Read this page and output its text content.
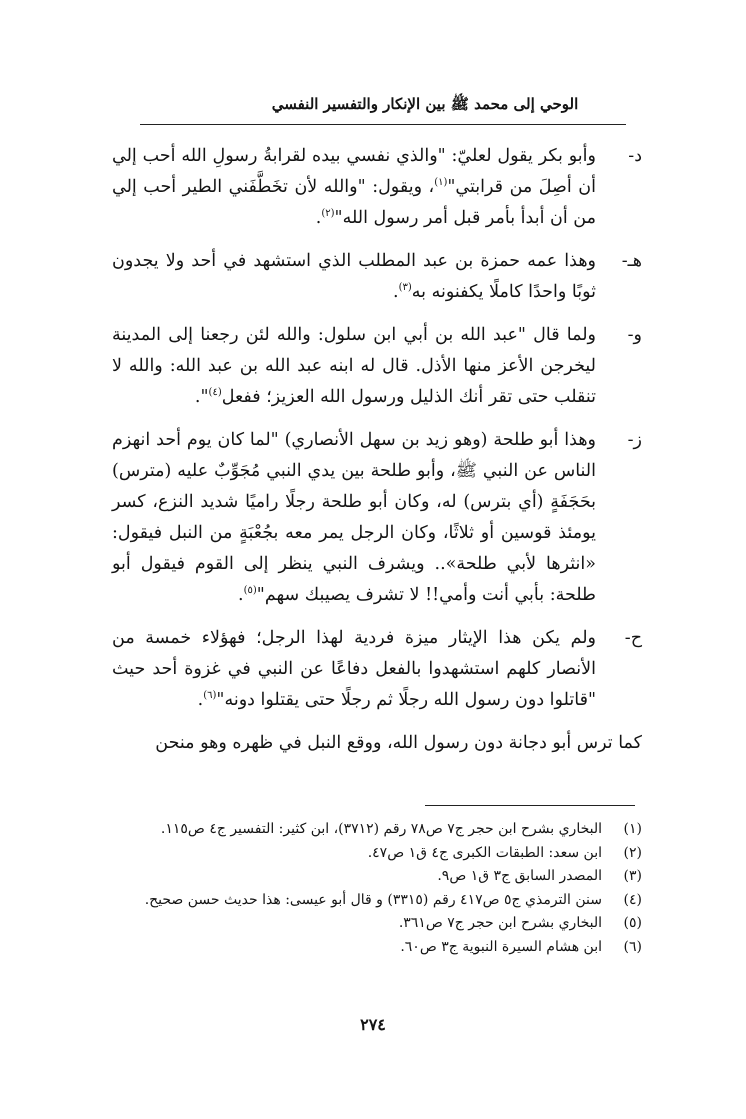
الوحي إلى محمد ﷺ بين الإنكار والتفسير النفسي
د-
وأبو بكر يقول لعليّ: "والذي نفسي بيده لقرابةُ رسولِ الله أحب إلي أن أصِلَ من قرابتي"$^{(١)}$، ويقول: "والله لأن تخَطَّفَني الطير أحب إلي من أن أبدأ بأمر قبل أمر رسول الله"$^{(٢)}$.
هـ-
وهذا عمه حمزة بن عبد المطلب الذي استشهد في أحد ولا يجدون ثوبًا واحدًا كاملًا يكفنونه به$^{(٣)}$.
و-
ولما قال "عبد الله بن أبي ابن سلول: والله لئن رجعنا إلى المدينة ليخرجن الأعز منها الأذل. قال له ابنه عبد الله بن عبد الله: والله لا تنقلب حتى تقر أنك الذليل ورسول الله العزيز؛ ففعل$^{(٤)}$".
ز-
وهذا أبو طلحة (وهو زيد بن سهل الأنصاري) "لما كان يوم أحد انهزم الناس عن النبي ﷺ، وأبو طلحة بين يدي النبي مُجَوِّبٌ عليه (مترس) بحَجَفَةٍ (أي بترس) له، وكان أبو طلحة رجلًا راميًا شديد النزع، كسر يومئذ قوسين أو ثلاثًا، وكان الرجل يمر معه بجُعْبَةٍ من النبل فيقول: «انثرها لأبي طلحة».. ويشرف النبي ينظر إلى القوم فيقول أبو طلحة: بأبي أنت وأمي!! لا تشرف يصيبك سهم"$^{(٥)}$.
ح-
ولم يكن هذا الإيثار ميزة فردية لهذا الرجل؛ فهؤلاء خمسة من الأنصار كلهم استشهدوا بالفعل دفاعًا عن النبي في غزوة أحد حيث "قاتلوا دون رسول الله رجلًا ثم رجلًا حتى يقتلوا دونه"$^{(٦)}$.
كما ترس أبو دجانة دون رسول الله، ووقع النبل في ظهره وهو منحن
(١)
البخاري بشرح ابن حجر ج٧ ص٧٨ رقم (٣٧١٢)، ابن كثير: التفسير ج٤ ص١١٥.
(٢)
ابن سعد: الطبقات الكبرى ج٤ ق١ ص٤٧.
(٣)
المصدر السابق ج٣ ق١ ص٩.
(٤)
سنن الترمذي ج٥ ص٤١٧ رقم (٣٣١٥) و قال أبو عيسى: هذا حديث حسن صحيح.
(٥)
البخاري بشرح ابن حجر ج٧ ص٣٦١.
(٦)
ابن هشام السيرة النبوية ج٣ ص٦٠.
٢٧٤
